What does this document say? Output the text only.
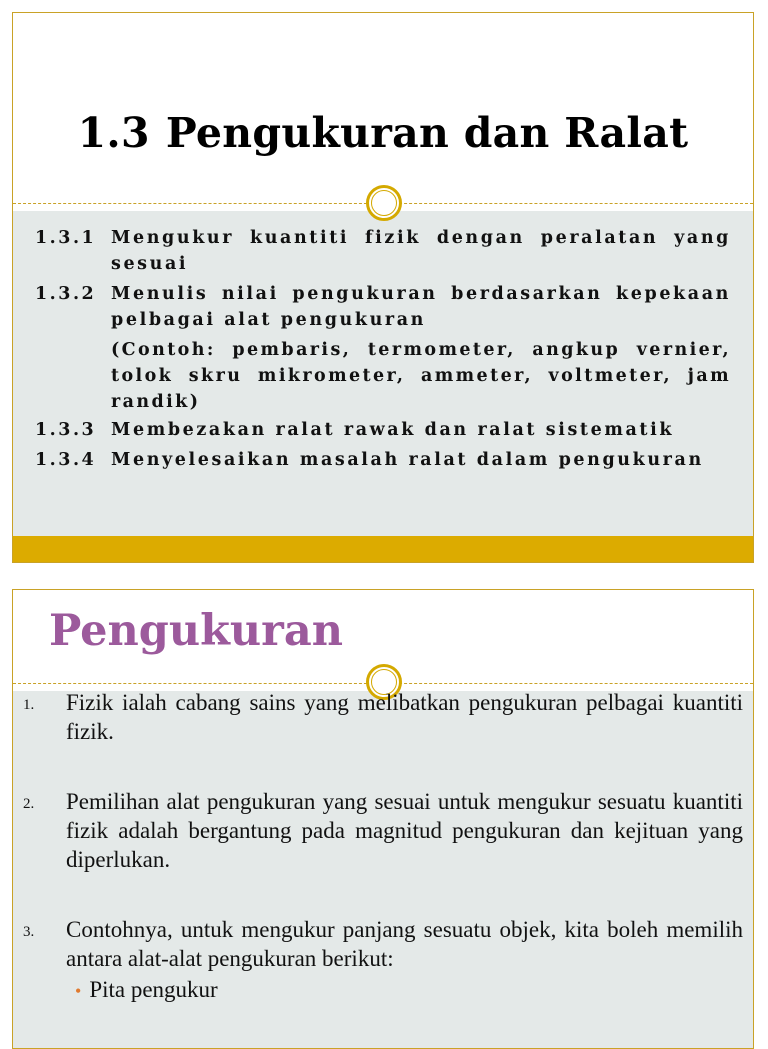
1.3 Pengukuran dan Ralat
1.3.1 Mengukur kuantiti fizik dengan peralatan yang sesuai
1.3.2 Menulis nilai pengukuran berdasarkan kepekaan pelbagai alat pengukuran
(Contoh: pembaris, termometer, angkup vernier, tolok skru mikrometer, ammeter, voltmeter, jam randik)
1.3.3 Membezakan ralat rawak dan ralat sistematik
1.3.4 Menyelesaikan masalah ralat dalam pengukuran
Pengukuran
1.	Fizik ialah cabang sains yang melibatkan pengukuran pelbagai kuantiti fizik.
2.	Pemilihan alat pengukuran yang sesuai untuk mengukur sesuatu kuantiti fizik adalah bergantung pada magnitud pengukuran dan kejituan yang diperlukan.
3.	Contohnya, untuk mengukur panjang sesuatu objek, kita boleh memilih antara alat-alat pengukuran berikut:
• Pita pengukur
